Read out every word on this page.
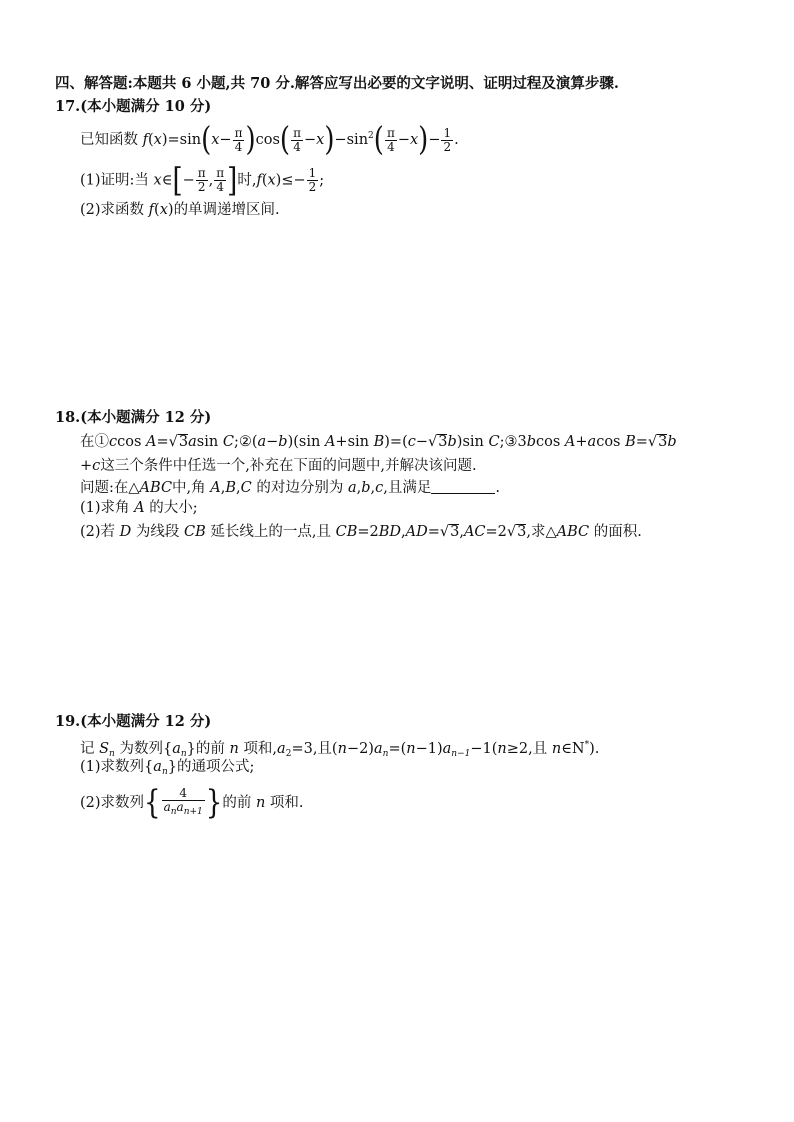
四、解答题:本题共 6 小题,共 70 分.解答应写出必要的文字说明、证明过程及演算步骤.
17.(本小题满分 10 分)
已知函数 $f(x)=\sin(x- \frac{\pi}{4} )\cos( \frac{\pi}{4} -x)-\sin^2( \frac{\pi}{4} -x)- \frac{1}{2}$ .
(1)证明:当 x∈[− $\frac{\pi}{2}$ , $\frac{\pi}{4}$ ]时$,f(x)\le- \frac{1}{2}$ ;
(2)求函数 f(x)的单调递增区间.
18.(本小题满分 12 分)
在①ccos A=√3asin C;②(a−b)(sin A+sin B)=(c−√3b)sin C;③3bcos A+acos B=√3b
+c这三个条件中任选一个,补充在下面的问题中,并解决该问题.
问题:在△ABC中,角 A,B,C 的对边分别为 a,b,c,且满足	.
(1)求角 A 的大小;
(2)若 D 为线段 CB 延长线上的一点,且 CB=2BD,AD=√3,AC=2√3,求△ABC 的面积.
19.(本小题满分 12 分)
记 $S_n$ 为数列$\{a_n\}$的前 n 项和$,a_2=3$,且$(n-2)a_n=(n-1)a_{n-1}-1(n\ge 2$,且 n∈N*).
(1)求数列$\{a_n\}$的通项公式;
(2)求数列{ $\frac{4}{a_na_{n+1}}$ }的前 n 项和.
